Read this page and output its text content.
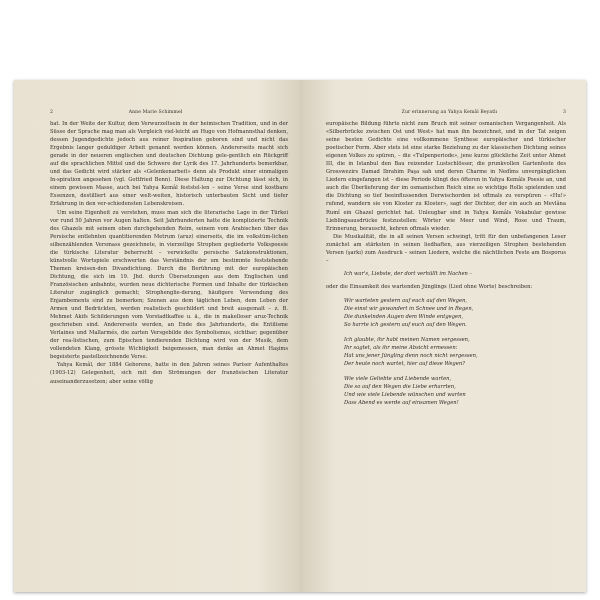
2	Anne Marie Schimmel

hat. In der Weite der Kultur, dem Verwurzeltsein in der heimischen Tradition, und in der Süsse der Sprache mag man als Vergleich viel-leicht an Hugo von Hofmannsthal denken, dessen Jugendgedichte jedoch aus reiner Inspiration geboren sind und nicht das Ergebnis langer geduldiger Arbeit genannt werden können. Andererseits macht sich gerade in der neueren englischen und deutschen Dichtung gele-gentlich ein Rückgriff auf die sprachlichen Mittel und die Schwere der Lyrik des 17. Jahrhunderts bemerkbar, und das Gedicht wird stärker als «Gelenkenarbeit» denn als Produkt einer einmaligen In-spiration angesehen (vgl. Gottfried Benn). Diese Haltung zur Dichtung lässt sich, in einem gewissen Masse, auch bei Yahya Kemâl feststel-len – seine Verse sind kostbare Essenzen, destilliert aus einer welt-weiten, historisch unterbauten Sicht und tiefer Erfahrung in den ver-schiedensten Lebenskreisen.

Um seine Eigenheit zu verstehen, muss man sich die literarische Lage in der Türkei vor rund 50 Jahren vor Augen halten. Seit Jahrhunderten hatte die komplizierte Technik des Ghazels mit seinem oben durchgehenden Reim, seinem vom Arabischen über das Persische entlehnten quantitierenden Metrum (aruz) einerseits, die im volkstüm-lichen silbenzählenden Versmass gezeichnete, in vierzeilige Strophen gegliederte Volkspoesie die türkische Literatur beherrscht – verwickelte persische Satzkonstruktionen, künstvolle Wortspiele erschwerten das Verständnis der um bestimmte feststehende Themen kreisen-den Divandichtung. Durch die Berührung mit der europäischen Dichtung, die sich im 19. Jhd. durch Übersetzungen aus dem Englischen und Französischen anbahnte, wurden neue dichterische Formen und Inhalte der türkischen Literatur zugänglich gemacht; Strophenglie-derung, häufigere Verwendung des Enjambements sind zu bemerken; Szenen aus dem täglichen Leben, dem Leben der Armen und Bedrückten, werden realistisch geschildert und breit ausgemalt – z. B. Mehmet Akifs Schilderungen vom Vorstadtkaffee u. ä., die in makelloser aruz-Technik geschrieben sind. Andererseits werden, an Ende des Jahrhunderts, die Entilisme Verlaines und Mallarmés, die zarten Versgebilde des Symbolismus, sichtbar; gegenüber der rea-listischen, zum Epischen tendierenden Dichtung wird von der Musik, dem vollendeten Klang, grösste Wichtigkeit beigemessen, man denke an Ahmet Haşims begeisterte pastellzeichnende Verse.

Yahya Kemâl, der 1884 Geborene, hatte in den Jahren seines Pariser Aufenthaltes (1903-12) Gelegenheit, sich mit den Strömungen der französischen Literatur auseinanderzusetzen; aber seine völlig

Zur erinnerung an Yahya Kemâl Beyatlı	3

europäische Bildung führte nicht zum Bruch mit seiner osmanischen Vergangenheit. Als «Silberbrücke zwischen Ost und West» hat man ihn bezeichnet, und in der Tat zeigen seine besten Gedichte eine vollkommene Synthese europäischer und türkischer poetischer Form. Aber stets ist eine starke Beziehung zu der klassischen Dichtung seines eigenen Volkes zu spüren, – die «Tulpenperiode», jene kurze glückliche Zeit unter Ahmet III, die in Istanbul den Bau reizender Lustschlösser, die prunkvollen Gartenfeste des Grosswezirs Damad Ibrahim Paşa sah und deren Charme in Nedîms unvergänglichen Liedern eingefangen ist – diese Periode klingt des öfteren in Yahya Kemâls Poesie an, und auch die Überlieferung der im osmanischen Reich eine so wichtige Rolle spielenden und die Dichtung so tief beeinflussenden Derwischorden ist oftmals zu verspüren – «Hu!» rufend, wandern sie von Kloster zu Kloster», sagt der Dichter, der ein auch an Mevlâna Rumî ein Ghazel gerichtet hat. Unleugbar sind in Yahya Kemâls Vokabular gewisse Lieblingsausdrücke festzustellen: Wörter wie Meer und Wind, Rose und Traum, Erinnerung, berauscht, kehren oftmals wieder.

Die Musikalität, die in all seinen Versen schwingt, tritt für den unbefangenen Leser zunächst am stärksten in seinen liedhaften, aus vierzeiligen Strophen bestehenden Versen (şarkı) zum Ausdruck – seinen Liedern, welche die nächtlichen Feste am Bosporus –

Ich war's, Liebste, der dort verhüllt im Nachen –

oder die Einsamkeit des wartenden Jünglings (Lied ohne Worte) beschreiben:

Wir warteten gestern auf euch auf den Wegen,
Die einst wir gewandert in Schnee und in Regen,
Die dunkelnden Augen dem Winde entgegen,
So harrte ich gestern auf euch auf den Wegen.
Ich glaubte, ihr habt meinen Namen vergessen,
Ihr sagtet, als ihr meine Absicht ermessen:
Hat uns jener Jüngling denn noch nicht vergessen,
Der heute noch wartet, hier auf diese Wegen?
Wie viele Geliebte und Liebende warten,
Die so auf den Wegen die Liebe erharrten,
Und wie viele Liebende wünschen und warten
Dass Abend es werde auf einsamen Wegen!
